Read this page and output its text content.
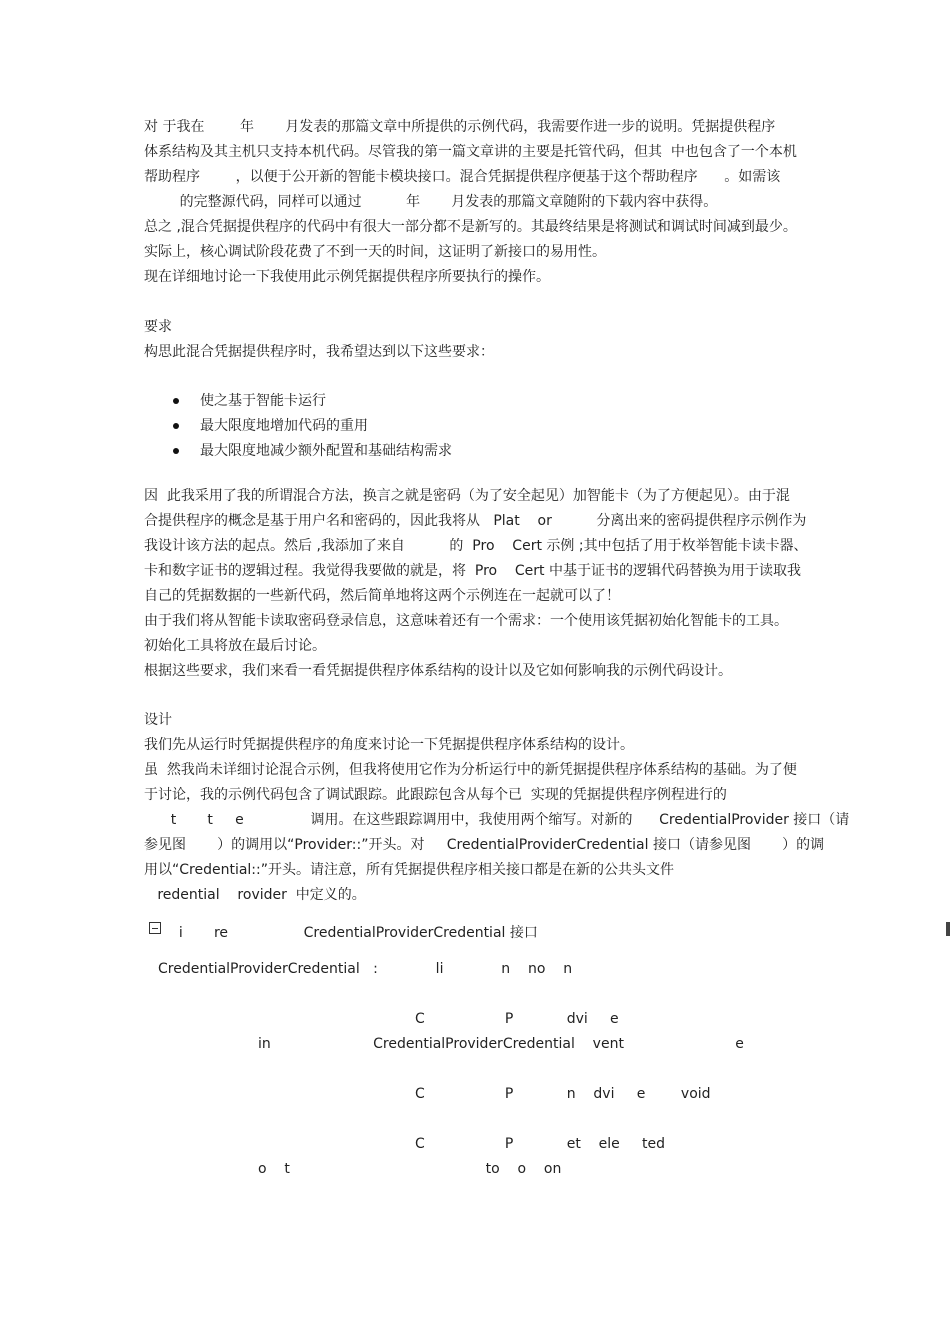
对 于我在        年       月发表的那篇文章中所提供的示例代码，我需要作进一步的说明。凭据提供程序
体系结构及其主机只支持本机代码。尽管我的第一篇文章讲的主要是托管代码，但其  中也包含了一个本机
帮助程序        ，以便于公开新的智能卡模块接口。混合凭据提供程序便基于这个帮助程序      。如需该
的完整源代码，同样可以通过          年       月发表的那篇文章随附的下载内容中获得。
总之 ,混合凭据提供程序的代码中有很大一部分都不是新写的。其最终结果是将测试和调试时间减到最少。
实际上，核心调试阶段花费了不到一天的时间，这证明了新接口的易用性。
现在详细地讨论一下我使用此示例凭据提供程序所要执行的操作。
要求
构思此混合凭据提供程序时，我希望达到以下这些要求：
使之基于智能卡运行
最大限度地增加代码的重用
最大限度地减少额外配置和基础结构需求
因  此我采用了我的所谓混合方法，换言之就是密码（为了安全起见）加智能卡（为了方便起见）。由于混
合提供程序的概念是基于用户名和密码的，因此我将从   Plat    or          分离出来的密码提供程序示例作为
我设计该方法的起点。然后 ,我添加了来自          的  Pro    Cert 示例 ;其中包括了用于枚举智能卡读卡器、
卡和数字证书的逻辑过程。我觉得我要做的就是，将  Pro    Cert 中基于证书的逻辑代码替换为用于读取我
自己的凭据数据的一些新代码，然后简单地将这两个示例连在一起就可以了！
由于我们将从智能卡读取密码登录信息，这意味着还有一个需求：一个使用该凭据初始化智能卡的工具。
初始化工具将放在最后讨论。
根据这些要求，我们来看一看凭据提供程序体系结构的设计以及它如何影响我的示例代码设计。
设计
我们先从运行时凭据提供程序的角度来讨论一下凭据提供程序体系结构的设计。
虽  然我尚未详细讨论混合示例，但我将使用它作为分析运行中的新凭据提供程序体系结构的基础。为了便
于讨论，我的示例代码包含了调试跟踪。此跟踪包含从每个已  实现的凭据提供程序例程进行的
t       t     e               调用。在这些跟踪调用中，我使用两个缩写。对新的      CredentialProvider 接口（请
参见图       ）的调用以“Provider::”开头。对     CredentialProviderCredential 接口（请参见图       ）的调
用以“Credential::”开头。请注意，所有凭据提供程序相关接口都是在新的公共头文件
redential    rovider  中定义的。
i       re                 CredentialProviderCredential 接口
CredentialProviderCredential   :             li             n    no    n
C                  P            dvi     e
in                       CredentialProviderCredential    vent                         e
C                  P            n    dvi     e        void
C                  P            et    ele     ted
o    t                                            to    o    on
